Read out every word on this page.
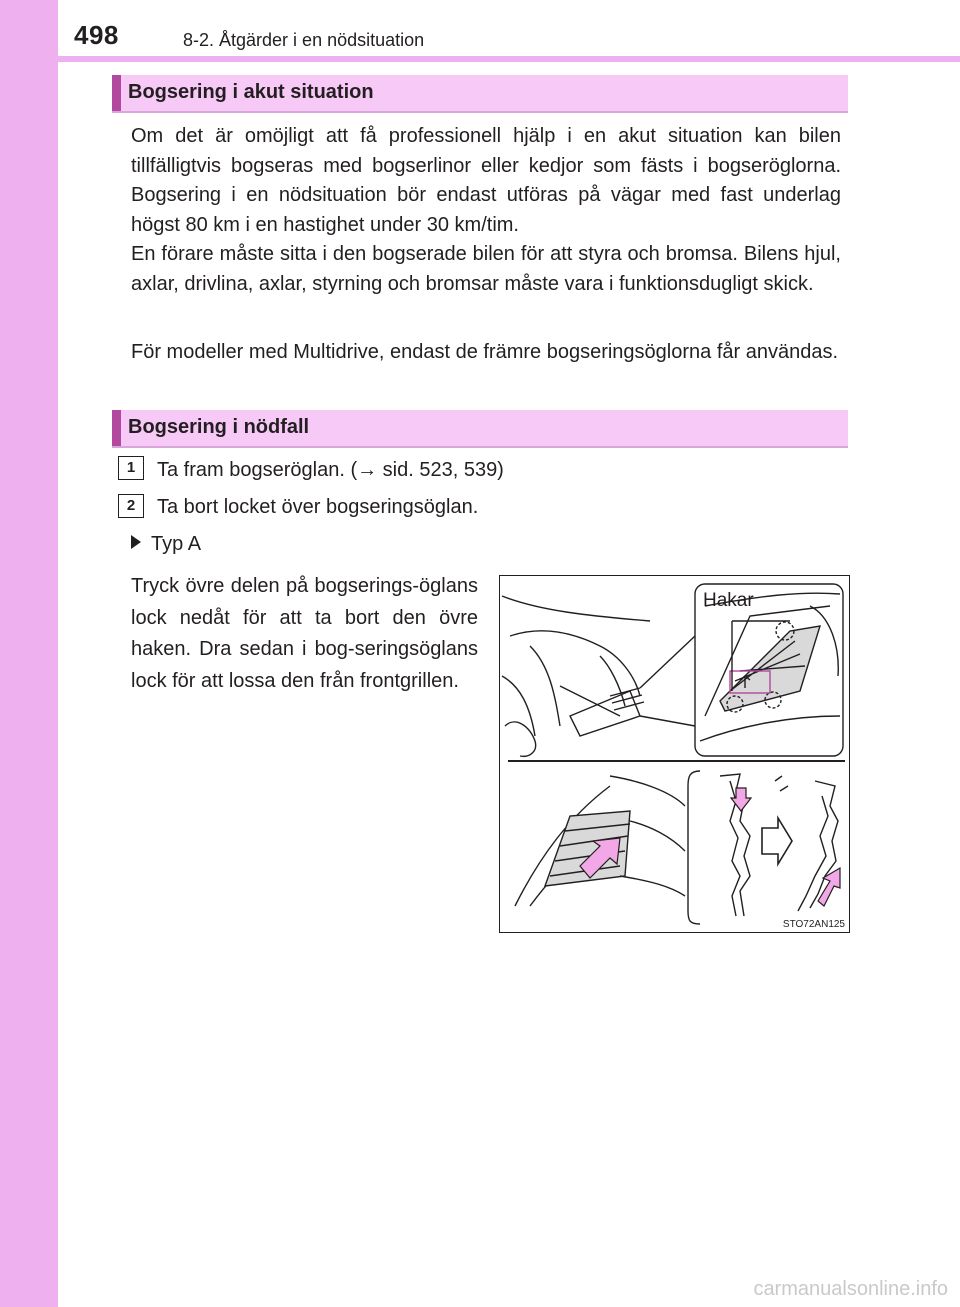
498	8-2. Åtgärder i en nödsituation
Bogsering i akut situation
Om det är omöjligt att få professionell hjälp i en akut situation kan bilen tillfälligtvis bogseras med bogserlinor eller kedjor som fästs i bogseröglorna. Bogsering i en nödsituation bör endast utföras på vägar med fast underlag högst 80 km i en hastighet under 30 km/tim.
En förare måste sitta i den bogserade bilen för att styra och bromsa. Bilens hjul, axlar, drivlina, axlar, styrning och bromsar måste vara i funktionsdugligt skick.
För modeller med Multidrive, endast de främre bogseringsöglorna får användas.
Bogsering i nödfall
1	Ta fram bogseröglan. (→ sid. 523, 539)
2	Ta bort locket över bogseringsöglan.
Typ A
Tryck övre delen på bogserings-öglans lock nedåt för att ta bort den övre haken. Dra sedan i bog-seringsöglans lock för att lossa den från frontgrillen.
Hakar
STO72AN125
carmanualsonline.info
